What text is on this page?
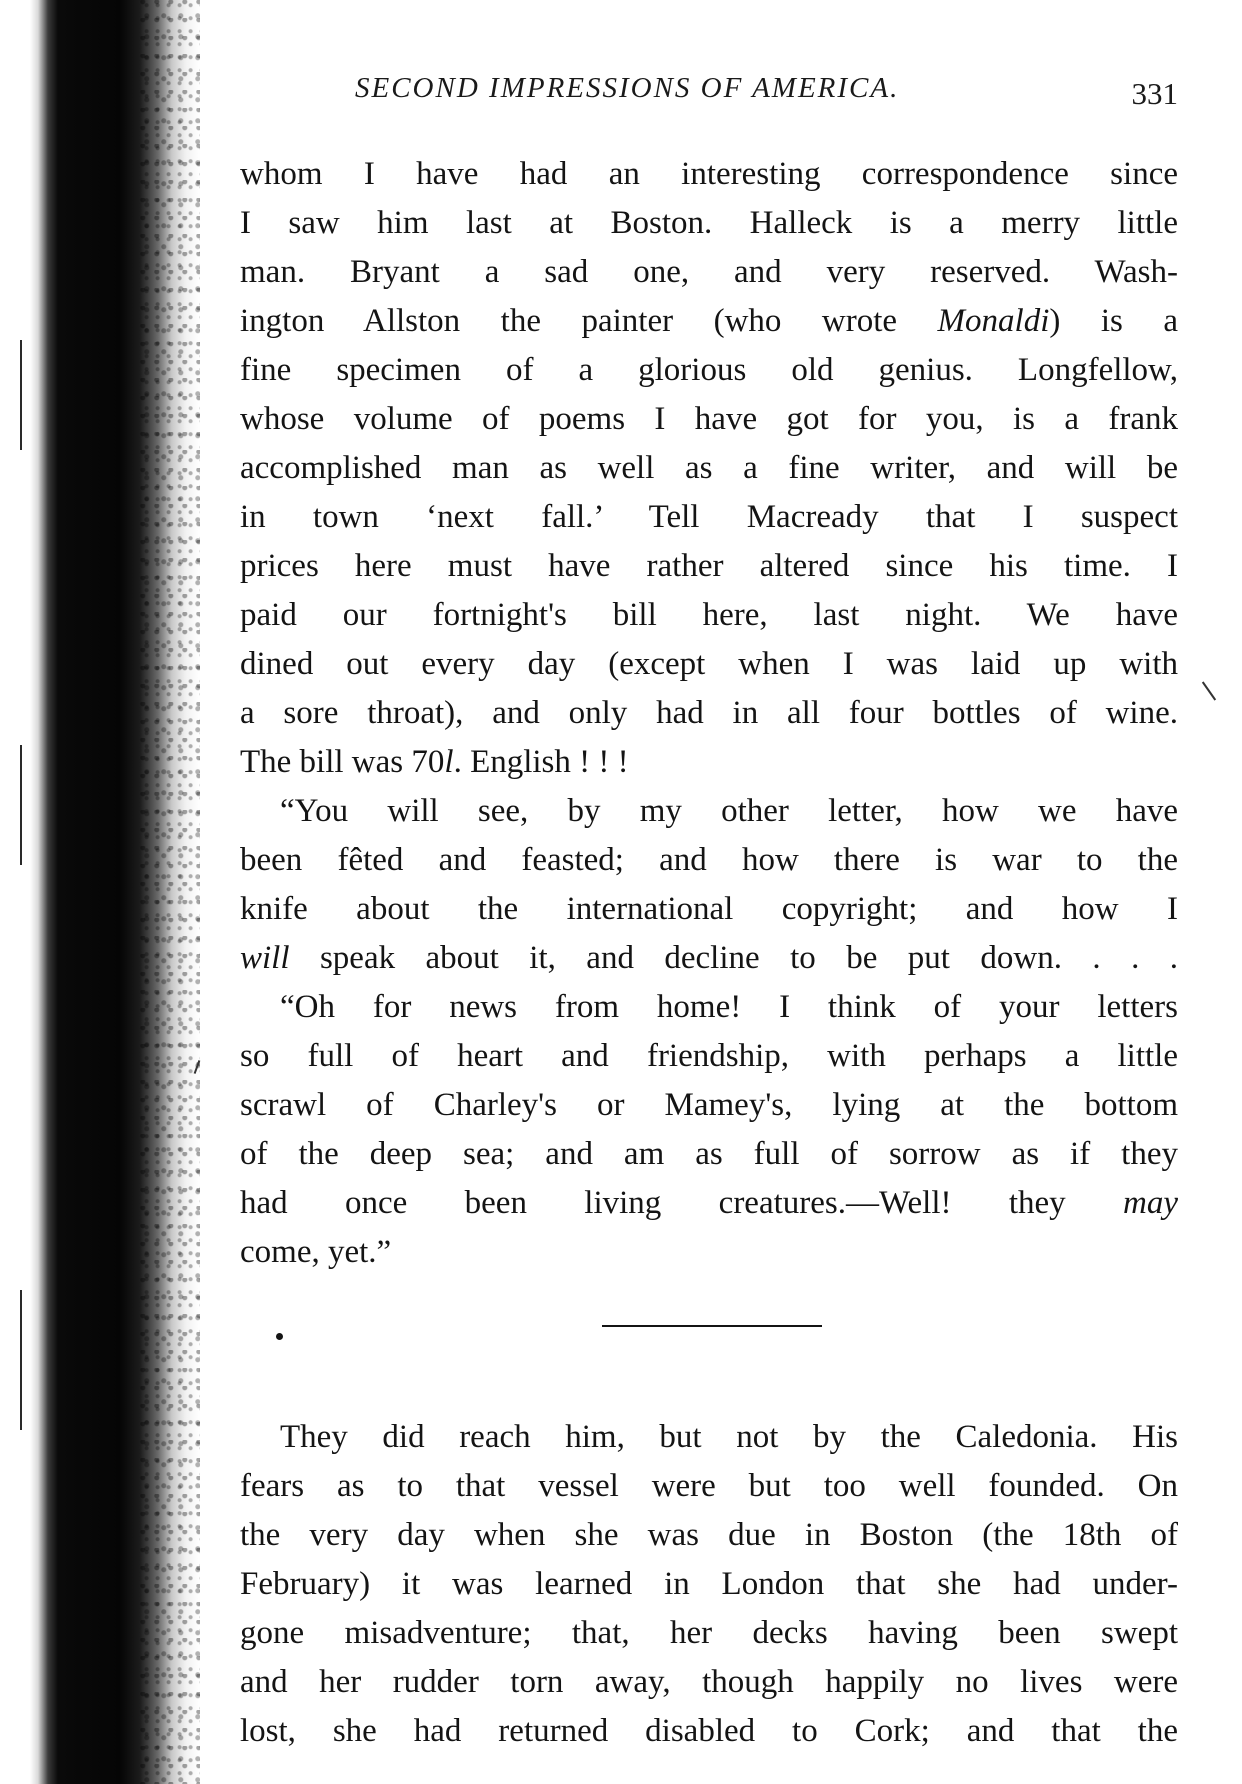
SECOND IMPRESSIONS OF AMERICA.	331
whom I have had an interesting correspondence since
I saw him last at Boston. Halleck is a merry little
man. Bryant a sad one, and very reserved. Wash-
ington Allston the painter (who wrote Monaldi) is a
fine specimen of a glorious old genius. Longfellow,
whose volume of poems I have got for you, is a frank
accomplished man as well as a fine writer, and will be
in town ‘next fall.’ Tell Macready that I suspect
prices here must have rather altered since his time. I
paid our fortnight's bill here, last night. We have
dined out every day (except when I was laid up with
a sore throat), and only had in all four bottles of wine.
The bill was 70l. English ! ! !
“You will see, by my other letter, how we have
been fêted and feasted; and how there is war to the
knife about the international copyright; and how I
will speak about it, and decline to be put down. . . .
“Oh for news from home! I think of your letters
so full of heart and friendship, with perhaps a little
scrawl of Charley's or Mamey's, lying at the bottom
of the deep sea; and am as full of sorrow as if they
had once been living creatures.—Well! they may
come, yet.”
They did reach him, but not by the Caledonia. His
fears as to that vessel were but too well founded. On
the very day when she was due in Boston (the 18th of
February) it was learned in London that she had under-
gone misadventure; that, her decks having been swept
and her rudder torn away, though happily no lives were
lost, she had returned disabled to Cork; and that the
